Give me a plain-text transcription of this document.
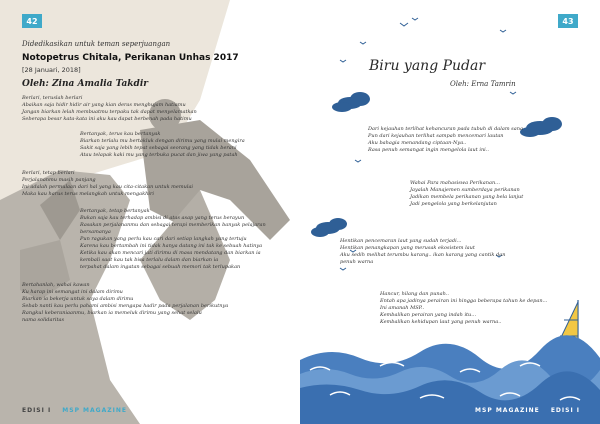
42
Didedikasikan untuk teman seperjuangan
Notopetrus Chitala, Perikanan Unhas 2017
[28 Januari, 2018]
Oleh: Zina Amalia Takdir
Berlari, teruslah berlari
Abaikan saja hidir hidir air yang kian deras menghujam hatiamu
Jangan biarkan lelah membuatmu terpaku tak dapat menyelamatkan
Seberapa besar kata-kata ini aku kau dapat berbenah pada hatimu
Bertanyak, terus kau bertanyak
Biarkan terlalu mu bertakluk dengan dirimu yang mulai mengira
Sakit saja yang lebih tepat sebagai seorang yang tidak berani
Atau telapak kaki mu yang terbuka pucat dan jiwa yang patah
Berlari, tetap berlari
Perjalananmu masih panjang
Ini adalah permulaan dari hal yang kau cita-citakan untuk memulai
Maka kau harus terus melangkah untuk mengakhiri
Bertanyak, tetap bertanyak
Bukan saja kau terhadap ambisi di atas asap yang terus berayun
Rasakan perjalananmu dan sebagai terapi memberikan banyak pelajaran
bersamanya
Pun ragukan yang perlu kau cari dari setiap langkah yang tertuju
Karena kau bertambah ini tidak hanya datang ini tak ke sebuah hatinya
Ketika kau akan mencari jati dirimu di masa mendatang dan biarkan ia
kembali saat kau tak bisa terlalu dalam dan biarkan ia
terpahat dalam ingatan sebagai sebuah memori tak terlupakan
Bertahanlah, wahai kawan
Ku harap ini semangat ini dalam dirimu
Biarkan ia bekerja untuk saya dalam dirimu
Sebab nanti kau perlu pahami ambisi mengapa hadir pada perjalanan berikutnya
Rangkul keberaniaanmu, biarkan ia memeluk dirimu yang sehat selalu
nama solidaritas
EDISI I MSP MAGAZINE
43
Biru yang Pudar
Oleh: Erna Tamrin
Dari kejauhan terlihat kehancuran pada tubuh di dalam sana
Pun dari kejauhan terlihat sampah mencemari lautan
Aku bahagia menandang ciptaan-Nya..
Rasa penuh semangat ingin mengelola laut ini..
Wahai Para mahasiswa Perikanan...
Jayalah Manajemen sumberdaya perikanan
Jadikan membela perikanan yang bela lanjut
Jadi pengelola yang berkelanjutan
Hentikan pencemaran laut yang sudah terjadi...
Hentikan penangkapan yang merusak ekosistem laut
Aku sedih melihat terumbu karang.. ikan karang yang cantik dan
penuh warna
Hancur, hilang dan punah..
Entah apa jadinya perairan ini hingga beberapa tahun ke depan...
Ini amanah MSP..
Kembalikan perairan yang indah itu...
Kembalikan kehidupan laut yang penuh warna..
MSP MAGAZINE EDISI I
